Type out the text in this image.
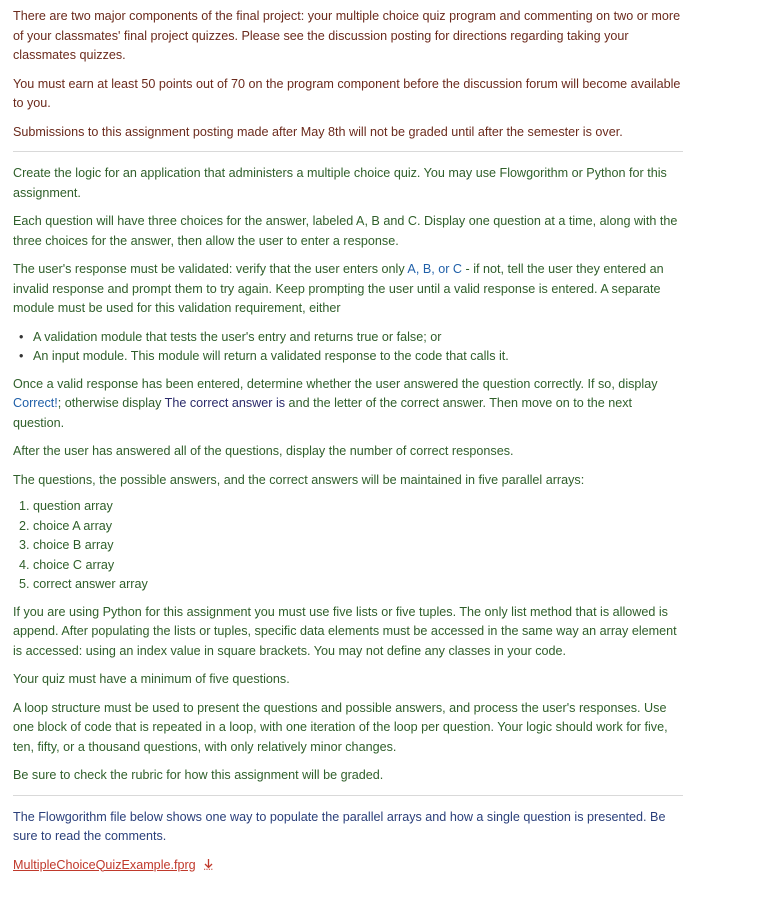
There are two major components of the final project: your multiple choice quiz program and commenting on two or more of your classmates' final project quizzes. Please see the discussion posting for directions regarding taking your classmates quizzes.

You must earn at least 50 points out of 70 on the program component before the discussion forum will become available to you.

Submissions to this assignment posting made after May 8th will not be graded until after the semester is over.

Create the logic for an application that administers a multiple choice quiz. You may use Flowgorithm or Python for this assignment.

Each question will have three choices for the answer, labeled A, B and C. Display one question at a time, along with the three choices for the answer, then allow the user to enter a response.

The user's response must be validated: verify that the user enters only A, B, or C - if not, tell the user they entered an invalid response and prompt them to try again. Keep prompting the user until a valid response is entered. A separate module must be used for this validation requirement, either

• A validation module that tests the user's entry and returns true or false; or
• An input module. This module will return a validated response to the code that calls it.

Once a valid response has been entered, determine whether the user answered the question correctly. If so, display Correct!; otherwise display The correct answer is and the letter of the correct answer. Then move on to the next question.

After the user has answered all of the questions, display the number of correct responses.

The questions, the possible answers, and the correct answers will be maintained in five parallel arrays:

1. question array
2. choice A array
3. choice B array
4. choice C array
5. correct answer array

If you are using Python for this assignment you must use five lists or five tuples. The only list method that is allowed is append. After populating the lists or tuples, specific data elements must be accessed in the same way an array element is accessed: using an index value in square brackets. You may not define any classes in your code.

Your quiz must have a minimum of five questions.

A loop structure must be used to present the questions and possible answers, and process the user's responses. Use one block of code that is repeated in a loop, with one iteration of the loop per question. Your logic should work for five, ten, fifty, or a thousand questions, with only relatively minor changes.

Be sure to check the rubric for how this assignment will be graded.

The Flowgorithm file below shows one way to populate the parallel arrays and how a single question is presented. Be sure to read the comments.

MultipleChoiceQuizExample.fprg
